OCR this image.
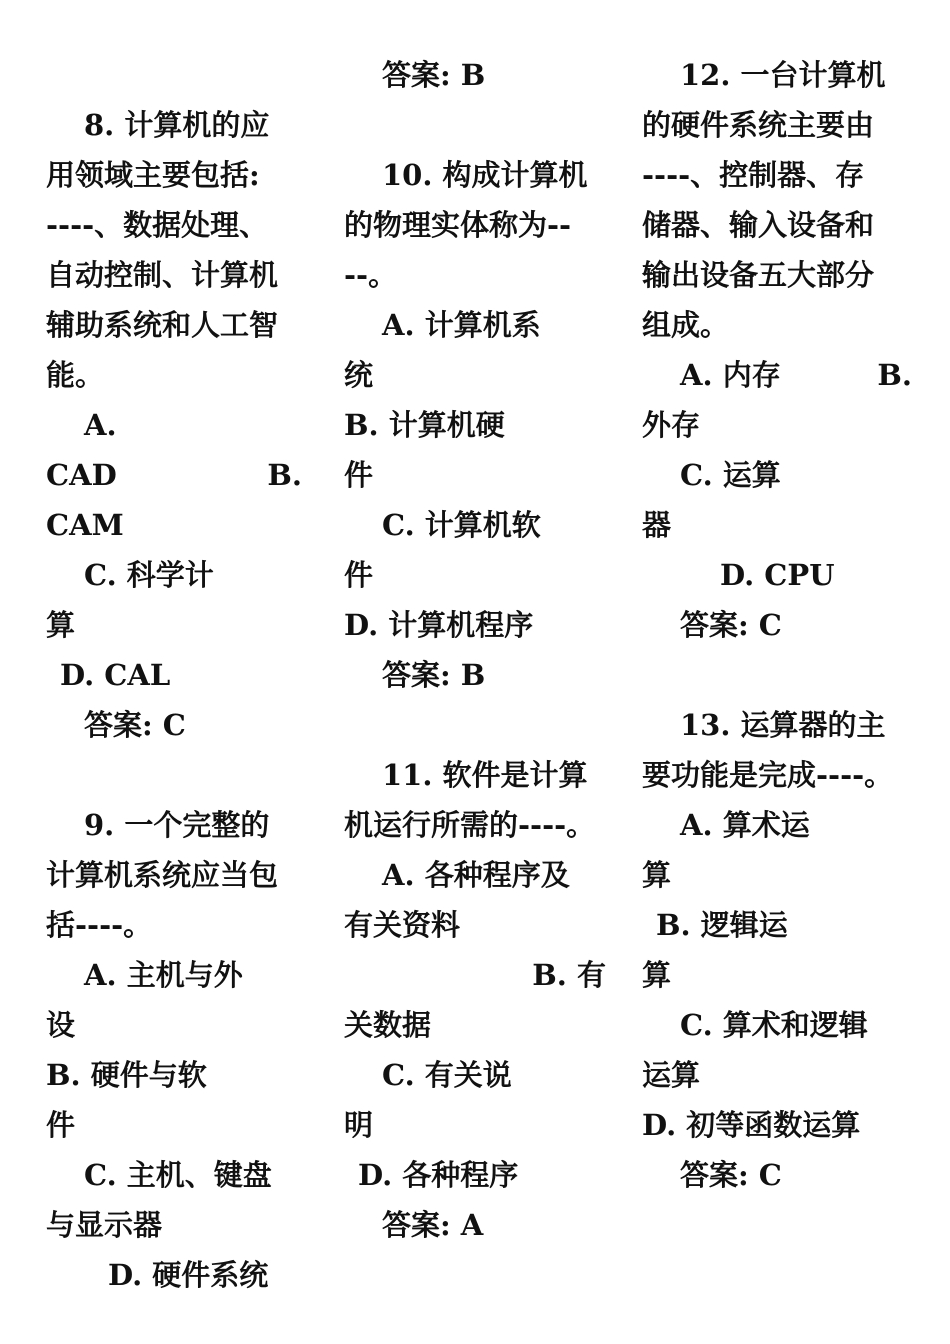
8. 计算机的应
用领域主要包括:
----、数据处理、
自动控制、计算机
辅助系统和人工智
能。
A.
CAD	B.
CAM
C. 科学计
算
D. CAL
答案: C
9. 一个完整的
计算机系统应当包
括----。
A. 主机与外
设
B. 硬件与软
件
C. 主机、键盘
与显示器
D. 硬件系统
答案: B
10. 构成计算机
的物理实体称为--
--。
A. 计算机系
统
B. 计算机硬
件
C. 计算机软
件
D. 计算机程序
答案: B
11. 软件是计算
机运行所需的----。
A. 各种程序及
有关资料
B. 有
关数据
C. 有关说
明
D. 各种程序
答案: A
12. 一台计算机
的硬件系统主要由
----、控制器、存
储器、输入设备和
输出设备五大部分
组成。
A. 内存	B.
外存
C. 运算
器
D. CPU
答案: C
13. 运算器的主
要功能是完成----。
A. 算术运
算
B. 逻辑运
算
C. 算术和逻辑
运算
D. 初等函数运算
答案: C
